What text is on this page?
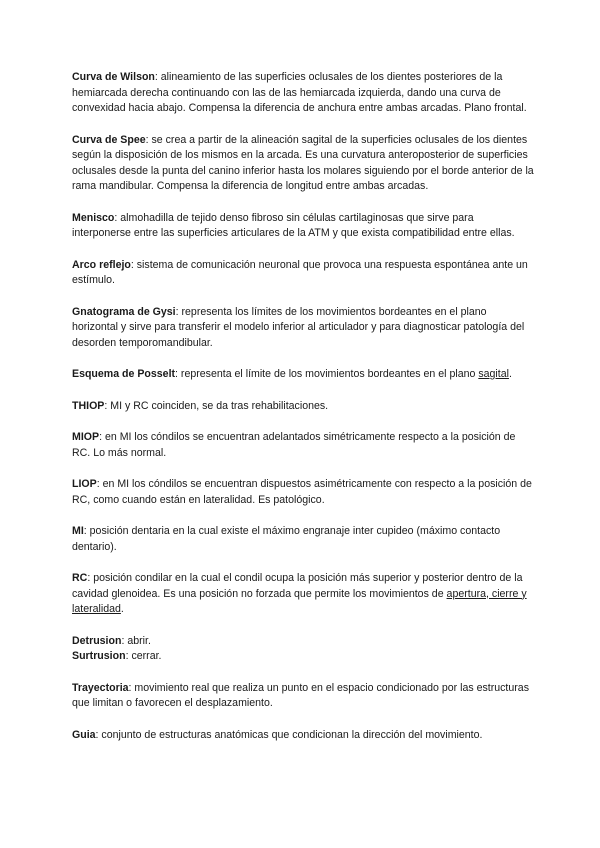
Curva de Wilson: alineamiento de las superficies oclusales de los dientes posteriores de la hemiarcada derecha continuando con las de las hemiarcada izquierda, dando una curva de convexidad hacia abajo. Compensa la diferencia de anchura entre ambas arcadas. Plano frontal.

Curva de Spee: se crea a partir de la alineación sagital de la superficies oclusales de los dientes según la disposición de los mismos en la arcada. Es una curvatura anteroposterior de superficies oclusales desde la punta del canino inferior hasta los molares siguiendo por el borde anterior de la rama mandibular. Compensa la diferencia de longitud entre ambas arcadas.

Menisco: almohadilla de tejido denso fibroso sin células cartilaginosas que sirve para interponerse entre las superficies articulares de la ATM y que exista compatibilidad entre ellas.

Arco reflejo: sistema de comunicación neuronal que provoca una respuesta espontánea ante un estímulo.

Gnatograma de Gysi: representa los límites de los movimientos bordeantes en el plano horizontal y sirve para transferir el modelo inferior al articulador y para diagnosticar patología del desorden temporomandibular.

Esquema de Posselt: representa el límite de los movimientos bordeantes en el plano sagital.

THIOP: MI y RC coinciden, se da tras rehabilitaciones.

MIOP: en MI los cóndilos se encuentran adelantados simétricamente respecto a la posición de RC. Lo más normal.

LIOP: en MI los cóndilos se encuentran dispuestos asimétricamente con respecto a la posición de RC, como cuando están en lateralidad. Es patológico.

MI: posición dentaria en la cual existe el máximo engranaje inter cupideo (máximo contacto dentario).

RC: posición condilar en la cual el condil ocupa la posición más superior y posterior dentro de la cavidad glenoidea. Es una posición no forzada que permite los movimientos de apertura, cierre y lateralidad.

Detrusion: abrir.

Surtrusion: cerrar.

Trayectoria: movimiento real que realiza un punto en el espacio condicionado por las estructuras que limitan o favorecen el desplazamiento.

Guia: conjunto de estructuras anatómicas que condicionan la dirección del movimiento.
